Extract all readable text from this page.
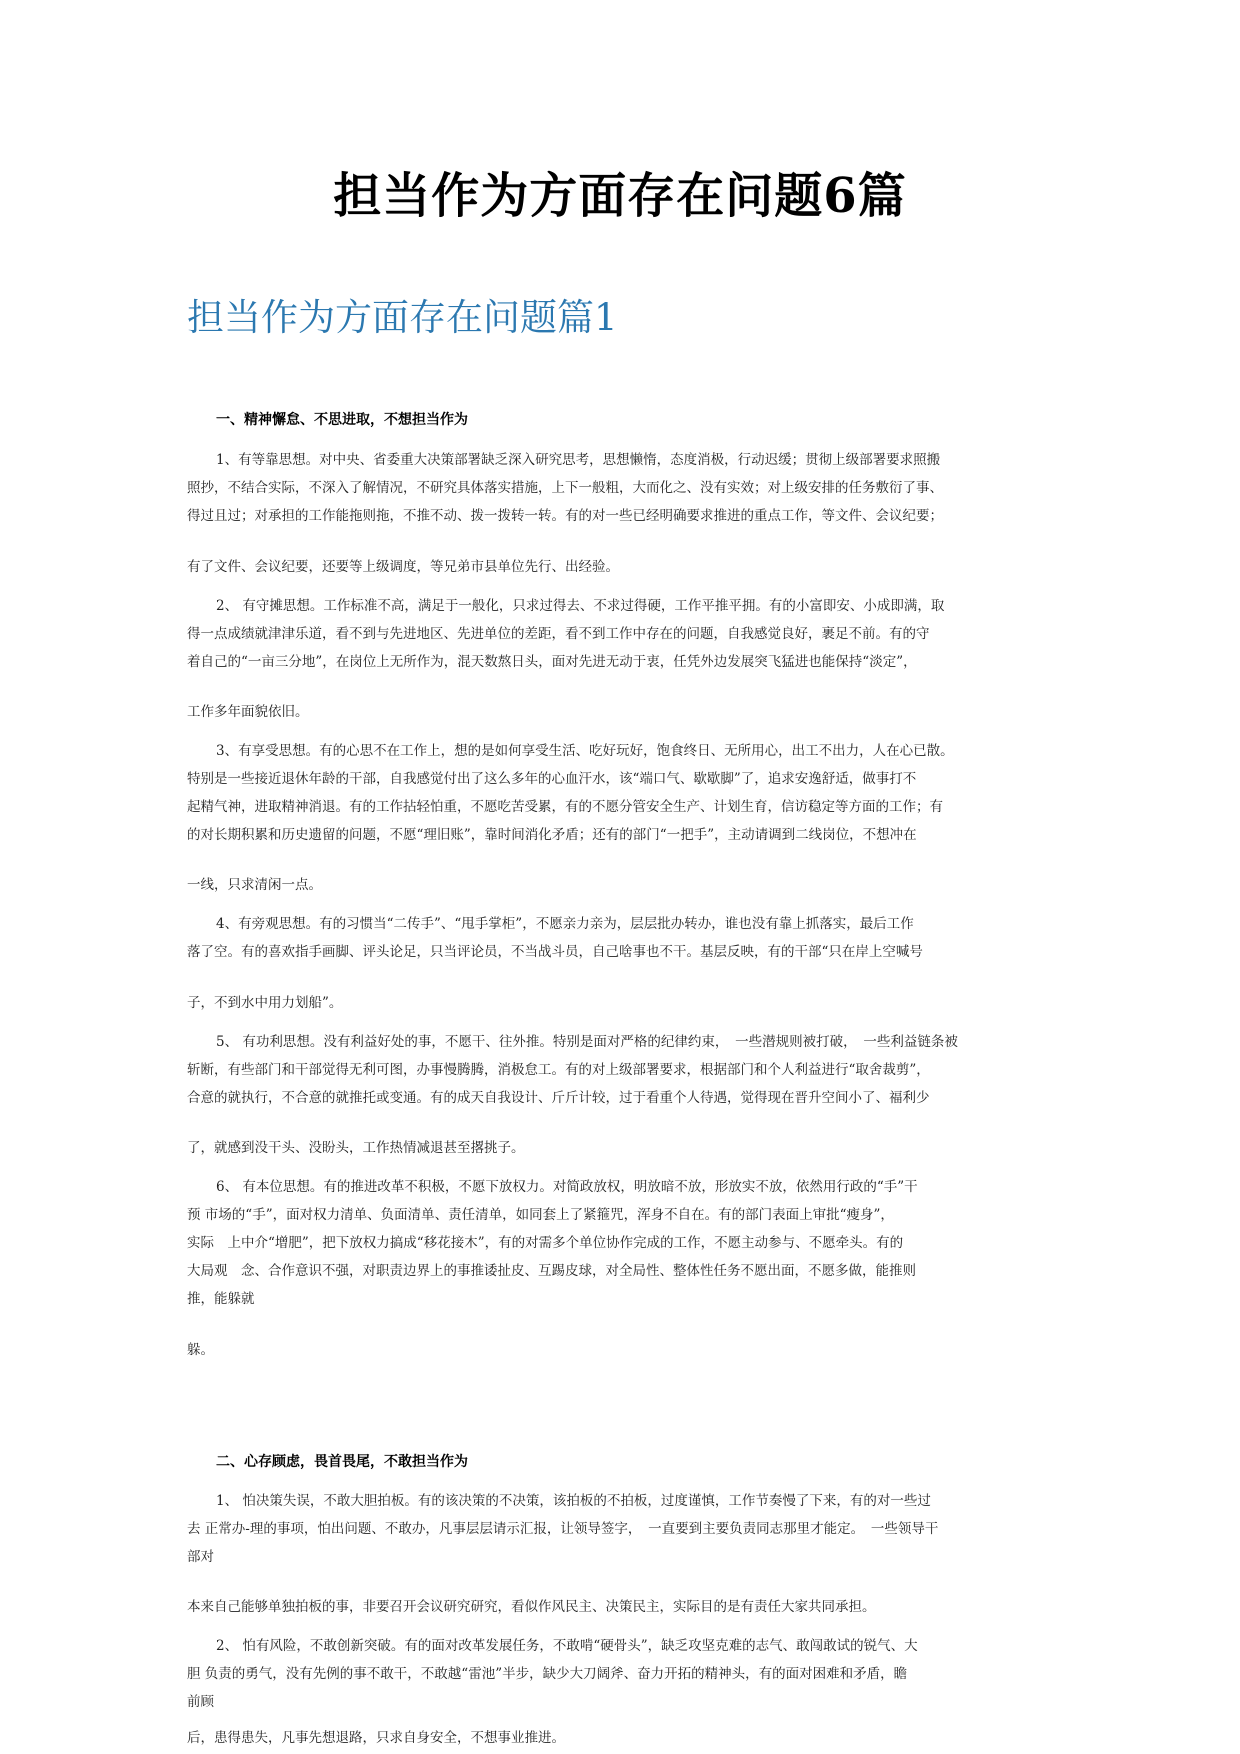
担当作为方面存在问题6篇
担当作为方面存在问题篇1

一、精神懈怠、不思进取，不想担当作为

1、有等靠思想。对中央、省委重大决策部署缺乏深入研究思考，思想懒惰，态度消极，行动迟缓；贯彻上级部署要求照搬

照抄，不结合实际，不深入了解情况，不研究具体落实措施，上下一般粗，大而化之、没有实效；对上级安排的任务敷衍了事、

得过且过；对承担的工作能拖则拖，不推不动、拨一拨转一转。有的对一些已经明确要求推进的重点工作，等文件、会议纪要；

有了文件、会议纪要，还要等上级调度，等兄弟市县单位先行、出经验。

2、 有守摊思想。工作标准不高，满足于一般化，只求过得去、不求过得硬，工作平推平拥。有的小富即安、小成即满，取

得一点成绩就津津乐道，看不到与先进地区、先进单位的差距，看不到工作中存在的问题，自我感觉良好，裹足不前。有的守

着自己的“一亩三分地”，在岗位上无所作为，混天数熬日头，面对先进无动于衷，任凭外边发展突飞猛进也能保持“淡定”，

工作多年面貌依旧。

3、有享受思想。有的心思不在工作上，想的是如何享受生活、吃好玩好，饱食终日、无所用心，出工不出力，人在心已散。

特别是一些接近退休年龄的干部，自我感觉付出了这么多年的心血汗水，该“端口气、歇歇脚”了，追求安逸舒适，做事打不

起精气神，进取精神消退。有的工作拈轻怕重，不愿吃苦受累，有的不愿分管安全生产、计划生育，信访稳定等方面的工作；有

的对长期积累和历史遗留的问题，不愿“理旧账”，靠时间消化矛盾；还有的部门“一把手”，主动请调到二线岗位，不想冲在

一线，只求清闲一点。

4、有旁观思想。有的习惯当“二传手”、“甩手掌柜”，不愿亲力亲为，层层批办转办，谁也没有靠上抓落实，最后工作

落了空。有的喜欢指手画脚、评头论足，只当评论员，不当战斗员，自己啥事也不干。基层反映，有的干部“只在岸上空喊号

子，不到水中用力划船”。

5、 有功利思想。没有利益好处的事，不愿干、往外推。特别是面对严格的纪律约束，　一些潜规则被打破，　一些利益链条被

斩断，有些部门和干部觉得无利可图，办事慢腾腾，消极怠工。有的对上级部署要求，根据部门和个人利益进行“取舍裁剪”，

合意的就执行，不合意的就推托或变通。有的成天自我设计、斤斤计较，过于看重个人待遇，觉得现在晋升空间小了、福利少

了，就感到没干头、没盼头，工作热情减退甚至撂挑子。

6、 有本位思想。有的推进改革不积极，不愿下放权力。对简政放权，明放暗不放，形放实不放，依然用行政的“手”干

预 市场的“手”，面对权力清单、负面清单、责任清单，如同套上了紧箍咒，浑身不自在。有的部门表面上审批“瘦身”，

实际　上中介“增肥”，把下放权力搞成“移花接木”，有的对需多个单位协作完成的工作，不愿主动参与、不愿牵头。有的

大局观　念、合作意识不强，对职责边界上的事推诿扯皮、互踢皮球，对全局性、整体性任务不愿出面，不愿多做，能推则

推，能躲就

躲。

二、心存顾虑，畏首畏尾，不敢担当作为

1、 怕决策失误，不敢大胆拍板。有的该决策的不决策，该拍板的不拍板，过度谨慎，工作节奏慢了下来，有的对一些过

去 正常办-理的事项，怕出问题、不敢办，凡事层层请示汇报，让领导签字，　一直要到主要负责同志那里才能定。　一些领导干

部对

本来自己能够单独拍板的事，非要召开会议研究研究，看似作风民主、决策民主，实际目的是有责任大家共同承担。

2、 怕有风险，不敢创新突破。有的面对改革发展任务，不敢啃“硬骨头”，缺乏攻坚克难的志气、敢闯敢试的锐气、大

胆 负责的勇气，没有先例的事不敢干，不敢越“雷池”半步，缺少大刀阔斧、奋力开拓的精神头，有的面对困难和矛盾，瞻

前顾

后，患得患失，凡事先想退路，只求自身安全，不想事业推进。
